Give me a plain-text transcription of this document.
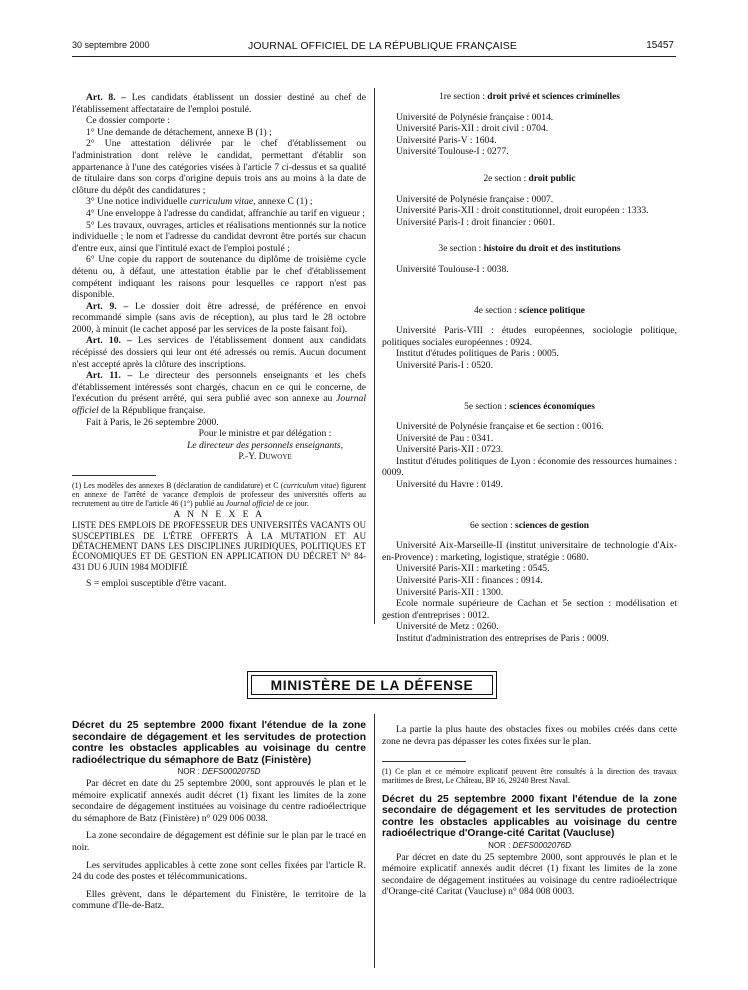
30 septembre 2000	JOURNAL OFFICIEL DE LA RÉPUBLIQUE FRANÇAISE	15457

Art. 8. – Les candidats établissent un dossier destiné au chef de l'établissement affectataire de l'emploi postulé.

Ce dossier comporte :

1° Une demande de détachement, annexe B (1) ;

2° Une attestation délivrée par le chef d'établissement ou l'administration dont relève le candidat, permettant d'établir son appartenance à l'une des catégories visées à l'article 7 ci-dessus et sa qualité de titulaire dans son corps d'origine depuis trois ans au moins à la date de clôture du dépôt des candidatures ;

3° Une notice individuelle curriculum vitae, annexe C (1) ;

4° Une enveloppe à l'adresse du candidat, affranchie au tarif en vigueur ;

5° Les travaux, ouvrages, articles et réalisations mentionnés sur la notice individuelle ; le nom et l'adresse du candidat devront être portés sur chacun d'entre eux, ainsi que l'intitulé exact de l'emploi postulé ;

6° Une copie du rapport de soutenance du diplôme de troisième cycle détenu ou, à défaut, une attestation établie par le chef d'établissement compétent indiquant les raisons pour lesquelles ce rapport n'est pas disponible.

Art. 9. – Le dossier doit être adressé, de préférence en envoi recommandé simple (sans avis de réception), au plus tard le 28 octobre 2000, à minuit (le cachet apposé par les services de la poste faisant foi).

Art. 10. – Les services de l'établissement donnent aux candidats récépissé des dossiers qui leur ont été adressés ou remis. Aucun document n'est accepté après la clôture des inscriptions.

Art. 11. – Le directeur des personnels enseignants et les chefs d'établissement intéressés sont chargés, chacun en ce qui le concerne, de l'exécution du présent arrêté, qui sera publié avec son annexe au Journal officiel de la République française.

Fait à Paris, le 26 septembre 2000.

Pour le ministre et par délégation :

Le directeur des personnels enseignants,

P.-Y. Duwoye

(1) Les modèles des annexes B (déclaration de candidature) et C (curriculum vitae) figurent en annexe de l'arrêté de vacance d'emplois de professeur des universités offerts au recrutement au titre de l'article 46 (1°) publié au Journal officiel de ce jour.

A N N E X E A

LISTE DES EMPLOIS DE PROFESSEUR DES UNIVERSITÉS VACANTS OU SUSCEPTIBLES DE L'ÊTRE OFFERTS À LA MUTATION ET AU DÉTACHEMENT DANS LES DISCIPLINES JURIDIQUES, POLITIQUES ET ÉCONOMIQUES ET DE GESTION EN APPLICATION DU DÉCRET N° 84-431 DU 6 JUIN 1984 MODIFIÉ

S = emploi susceptible d'être vacant.

1re section : droit privé et sciences criminelles

Université de Polynésie française : 0014.

Université Paris-XII : droit civil : 0704.

Université Paris-V : 1604.

Université Toulouse-I : 0277.

2e section : droit public

Université de Polynésie française : 0007.

Université Paris-XII : droit constitutionnel, droit européen : 1333.

Université Paris-I : droit financier : 0601.

3e section : histoire du droit et des institutions

Université Toulouse-I : 0038.

4e section : science politique

Université Paris-VIII : études européennes, sociologie politique, politiques sociales européennes : 0924.

Institut d'études politiques de Paris : 0005.

Université Paris-I : 0520.

5e section : sciences économiques

Université de Polynésie française et 6e section : 0016.

Université de Pau : 0341.

Université Paris-XII : 0723.

Institut d'études politiques de Lyon : économie des ressources humaines : 0009.

Université du Havre : 0149.

6e section : sciences de gestion

Université Aix-Marseille-II (institut universitaire de technologie d'Aix-en-Provence) : marketing, logistique, stratégie : 0680.

Université Paris-XII : marketing : 0545.

Université Paris-XII : finances : 0914.

Université Paris-XII : 1300.

Ecole normale supérieure de Cachan et 5e section : modélisation et gestion d'entreprises : 0012.

Université de Metz : 0260.

Institut d'administration des entreprises de Paris : 0009.

MINISTÈRE DE LA DÉFENSE

Décret du 25 septembre 2000 fixant l'étendue de la zone secondaire de dégagement et les servitudes de protection contre les obstacles applicables au voisinage du centre radioélectrique du sémaphore de Batz (Finistère)

NOR : DEFS0002075D

Par décret en date du 25 septembre 2000, sont approuvés le plan et le mémoire explicatif annexés audit décret (1) fixant les limites de la zone secondaire de dégagement instituées au voisinage du centre radioélectrique du sémaphore de Batz (Finistère) n° 029 006 0038.

La zone secondaire de dégagement est définie sur le plan par le tracé en noir.

Les servitudes applicables à cette zone sont celles fixées par l'article R. 24 du code des postes et télécommunications.

Elles grèvent, dans le département du Finistère, le territoire de la commune d'Ile-de-Batz.

La partie la plus haute des obstacles fixes ou mobiles créés dans cette zone ne devra pas dépasser les cotes fixées sur le plan.

(1) Ce plan et ce mémoire explicatif peuvent être consultés à la direction des travaux maritimes de Brest, Le Château, BP 16, 29240 Brest Naval.

Décret du 25 septembre 2000 fixant l'étendue de la zone secondaire de dégagement et les servitudes de protection contre les obstacles applicables au voisinage du centre radioélectrique d'Orange-cité Caritat (Vaucluse)

NOR : DEFS0002076D

Par décret en date du 25 septembre 2000, sont approuvés le plan et le mémoire explicatif annexés audit décret (1) fixant les limites de la zone secondaire de dégagement instituées au voisinage du centre radioélectrique d'Orange-cité Caritat (Vaucluse) n° 084 008 0003.
